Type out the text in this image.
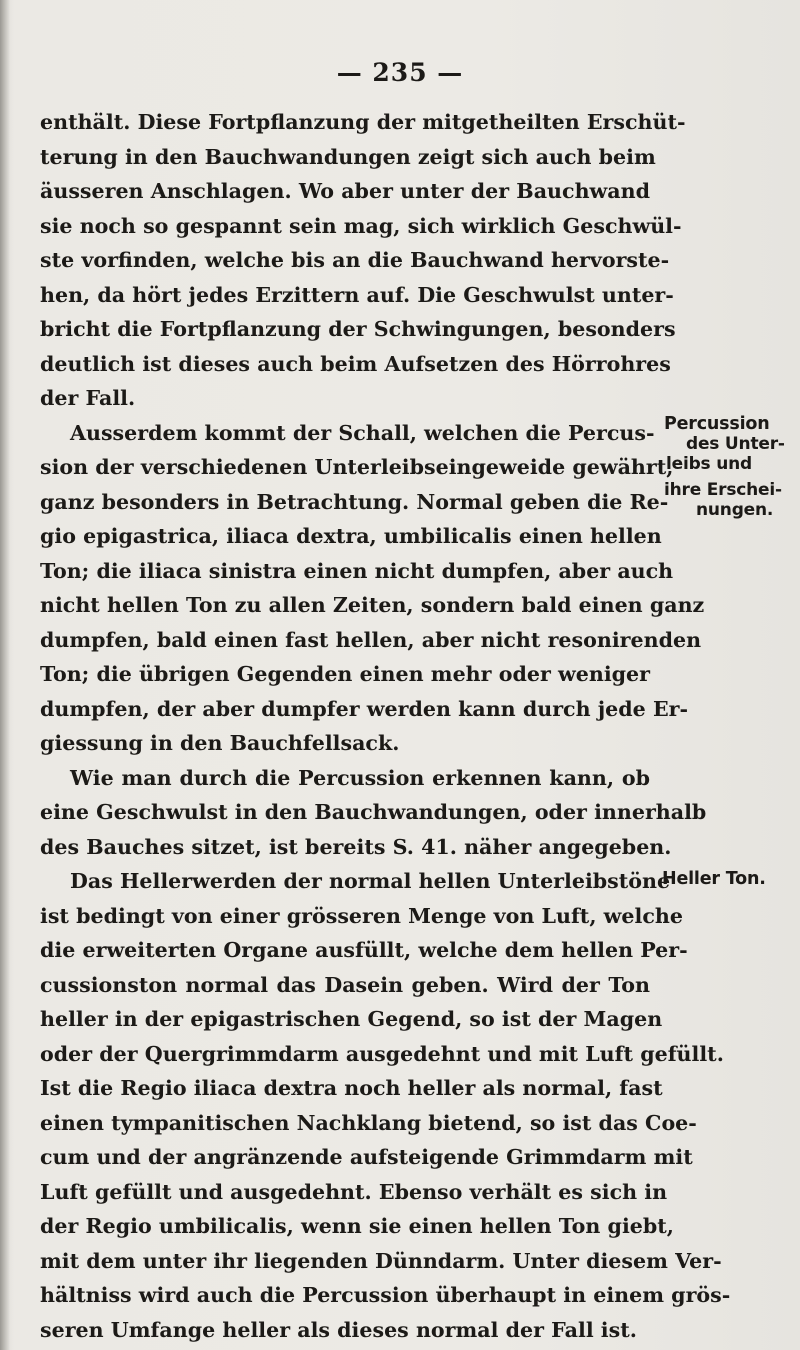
— 235 —
enthält. Diese Fortpflanzung der mitgetheilten Erschüt-
terung in den Bauchwandungen zeigt sich auch beim
äusseren Anschlagen. Wo aber unter der Bauchwand
sie noch so gespannt sein mag, sich wirklich Geschwül-
ste vorfinden, welche bis an die Bauchwand hervorste-
hen, da hört jedes Erzittern auf. Die Geschwulst unter-
bricht die Fortpflanzung der Schwingungen, besonders
deutlich ist dieses auch beim Aufsetzen des Hörrohres
der Fall.
Ausserdem kommt der Schall, welchen die Percus-
sion der verschiedenen Unterleibseingeweide gewährt,
ganz besonders in Betrachtung. Normal geben die Re-
gio epigastrica, iliaca dextra, umbilicalis einen hellen
Ton; die iliaca sinistra einen nicht dumpfen, aber auch
nicht hellen Ton zu allen Zeiten, sondern bald einen ganz
dumpfen, bald einen fast hellen, aber nicht resonirenden
Ton; die übrigen Gegenden einen mehr oder weniger
dumpfen, der aber dumpfer werden kann durch jede Er-
giessung in den Bauchfellsack.
Wie man durch die Percussion erkennen kann, ob
eine Geschwulst in den Bauchwandungen, oder innerhalb
des Bauches sitzet, ist bereits S. 41. näher angegeben.
Das Hellerwerden der normal hellen Unterleibstöne
ist bedingt von einer grösseren Menge von Luft, welche
die erweiterten Organe ausfüllt, welche dem hellen Per-
cussionston normal das Dasein geben. Wird der Ton
heller in der epigastrischen Gegend, so ist der Magen
oder der Quergrimmdarm ausgedehnt und mit Luft gefüllt.
Ist die Regio iliaca dextra noch heller als normal, fast
einen tympanitischen Nachklang bietend, so ist das Coe-
cum und der angränzende aufsteigende Grimmdarm mit
Luft gefüllt und ausgedehnt. Ebenso verhält es sich in
der Regio umbilicalis, wenn sie einen hellen Ton giebt,
mit dem unter ihr liegenden Dünndarm. Unter diesem Ver-
hältniss wird auch die Percussion überhaupt in einem grös-
seren Umfange heller als dieses normal der Fall ist.
Percussion
des Unter-
leibs und
ihre Erschei-
nungen.
Heller Ton.
